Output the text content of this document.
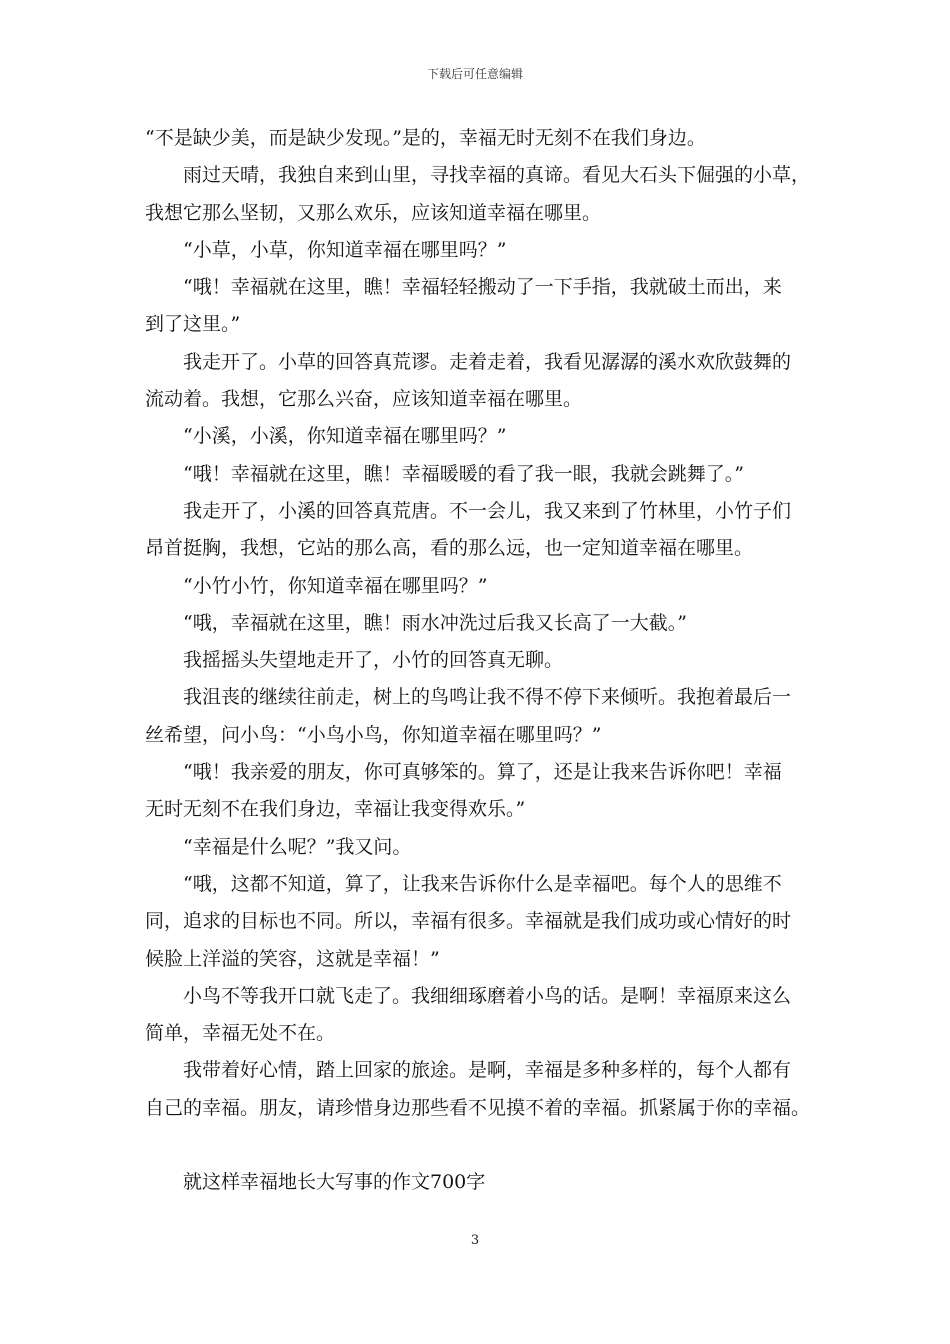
下载后可任意编辑

“不是缺少美，而是缺少发现。”是的，幸福无时无刻不在我们身边。

雨过天晴，我独自来到山里，寻找幸福的真谛。看见大石头下倔强的小草，

我想它那么坚韧，又那么欢乐，应该知道幸福在哪里。

“小草，小草，你知道幸福在哪里吗？”

“哦！幸福就在这里，瞧！幸福轻轻搬动了一下手指，我就破土而出，来

到了这里。”

我走开了。小草的回答真荒谬。走着走着，我看见潺潺的溪水欢欣鼓舞的

流动着。我想，它那么兴奋，应该知道幸福在哪里。

“小溪，小溪，你知道幸福在哪里吗？”

“哦！幸福就在这里，瞧！幸福暖暖的看了我一眼，我就会跳舞了。”

我走开了，小溪的回答真荒唐。不一会儿，我又来到了竹林里，小竹子们

昂首挺胸，我想，它站的那么高，看的那么远，也一定知道幸福在哪里。

“小竹小竹，你知道幸福在哪里吗？”

“哦，幸福就在这里，瞧！雨水冲洗过后我又长高了一大截。”

我摇摇头失望地走开了，小竹的回答真无聊。

我沮丧的继续往前走，树上的鸟鸣让我不得不停下来倾听。我抱着最后一

丝希望，问小鸟：“小鸟小鸟，你知道幸福在哪里吗？”

“哦！我亲爱的朋友，你可真够笨的。算了，还是让我来告诉你吧！幸福

无时无刻不在我们身边，幸福让我变得欢乐。”

“幸福是什么呢？”我又问。

“哦，这都不知道，算了，让我来告诉你什么是幸福吧。每个人的思维不

同，追求的目标也不同。所以，幸福有很多。幸福就是我们成功或心情好的时

候脸上洋溢的笑容，这就是幸福！”

小鸟不等我开口就飞走了。我细细琢磨着小鸟的话。是啊！幸福原来这么

简单，幸福无处不在。

我带着好心情，踏上回家的旅途。是啊，幸福是多种多样的，每个人都有

自己的幸福。朋友，请珍惜身边那些看不见摸不着的幸福。抓紧属于你的幸福。

就这样幸福地长大写事的作文700字

3
